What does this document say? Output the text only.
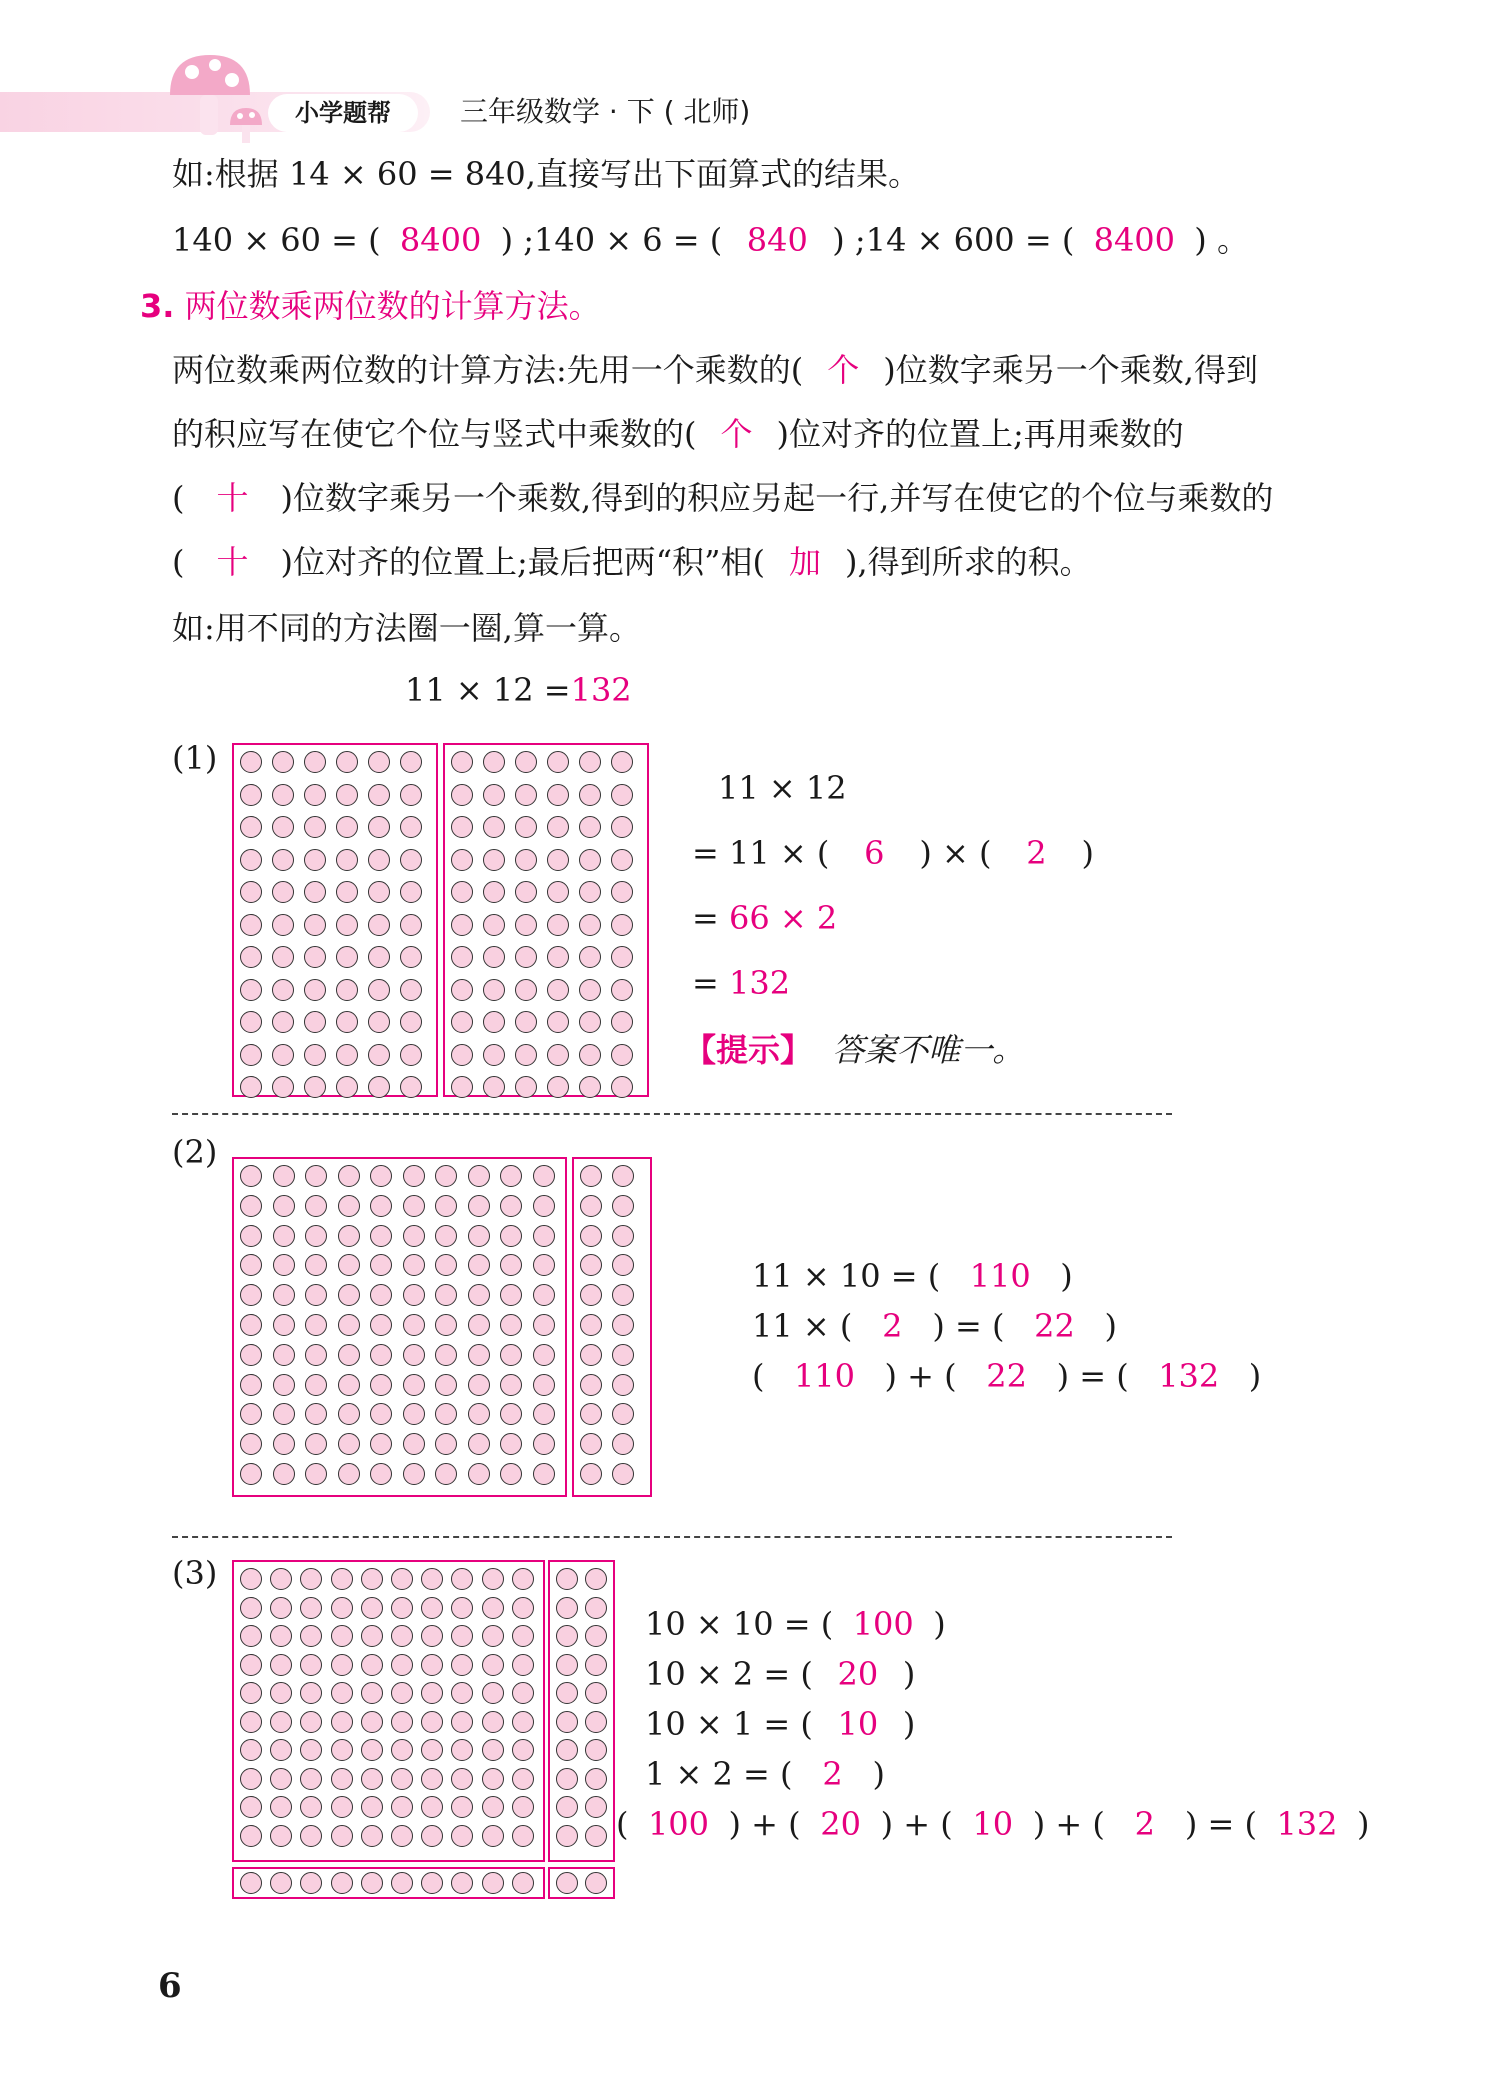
小学题帮	三年级数学 · 下 ( 北师)
如:根据 14 × 60 = 840,直接写出下面算式的结果。
140 × 60 = ( 8400 ) ;140 × 6 = ( 840 ) ;14 × 600 = ( 8400 ) 。
3. 两位数乘两位数的计算方法。
两位数乘两位数的计算方法:先用一个乘数的( 个 )位数字乘另一个乘数,得到
的积应写在使它个位与竖式中乘数的( 个 )位对齐的位置上;再用乘数的
( 十 )位数字乘另一个乘数,得到的积应另起一行,并写在使它的个位与乘数的
( 十 )位对齐的位置上;最后把两“积”相( 加 ),得到所求的积。
如:用不同的方法圈一圈,算一算。
11 × 12 =132
(1)
11 × 12
= 11 × ( 6 ) × ( 2 )
= 66 × 2
= 132
【提示】 答案不唯一。
(2)
11 × 10 = ( 110 )
11 × ( 2 ) = ( 22 )
( 110 ) + ( 22 ) = ( 132 )
(3)
10 × 10 = ( 100 )
10 × 2 = ( 20 )
10 × 1 = ( 10 )
1 × 2 = ( 2 )
( 100 ) + ( 20 ) + ( 10 ) + ( 2 ) = ( 132 )
6
